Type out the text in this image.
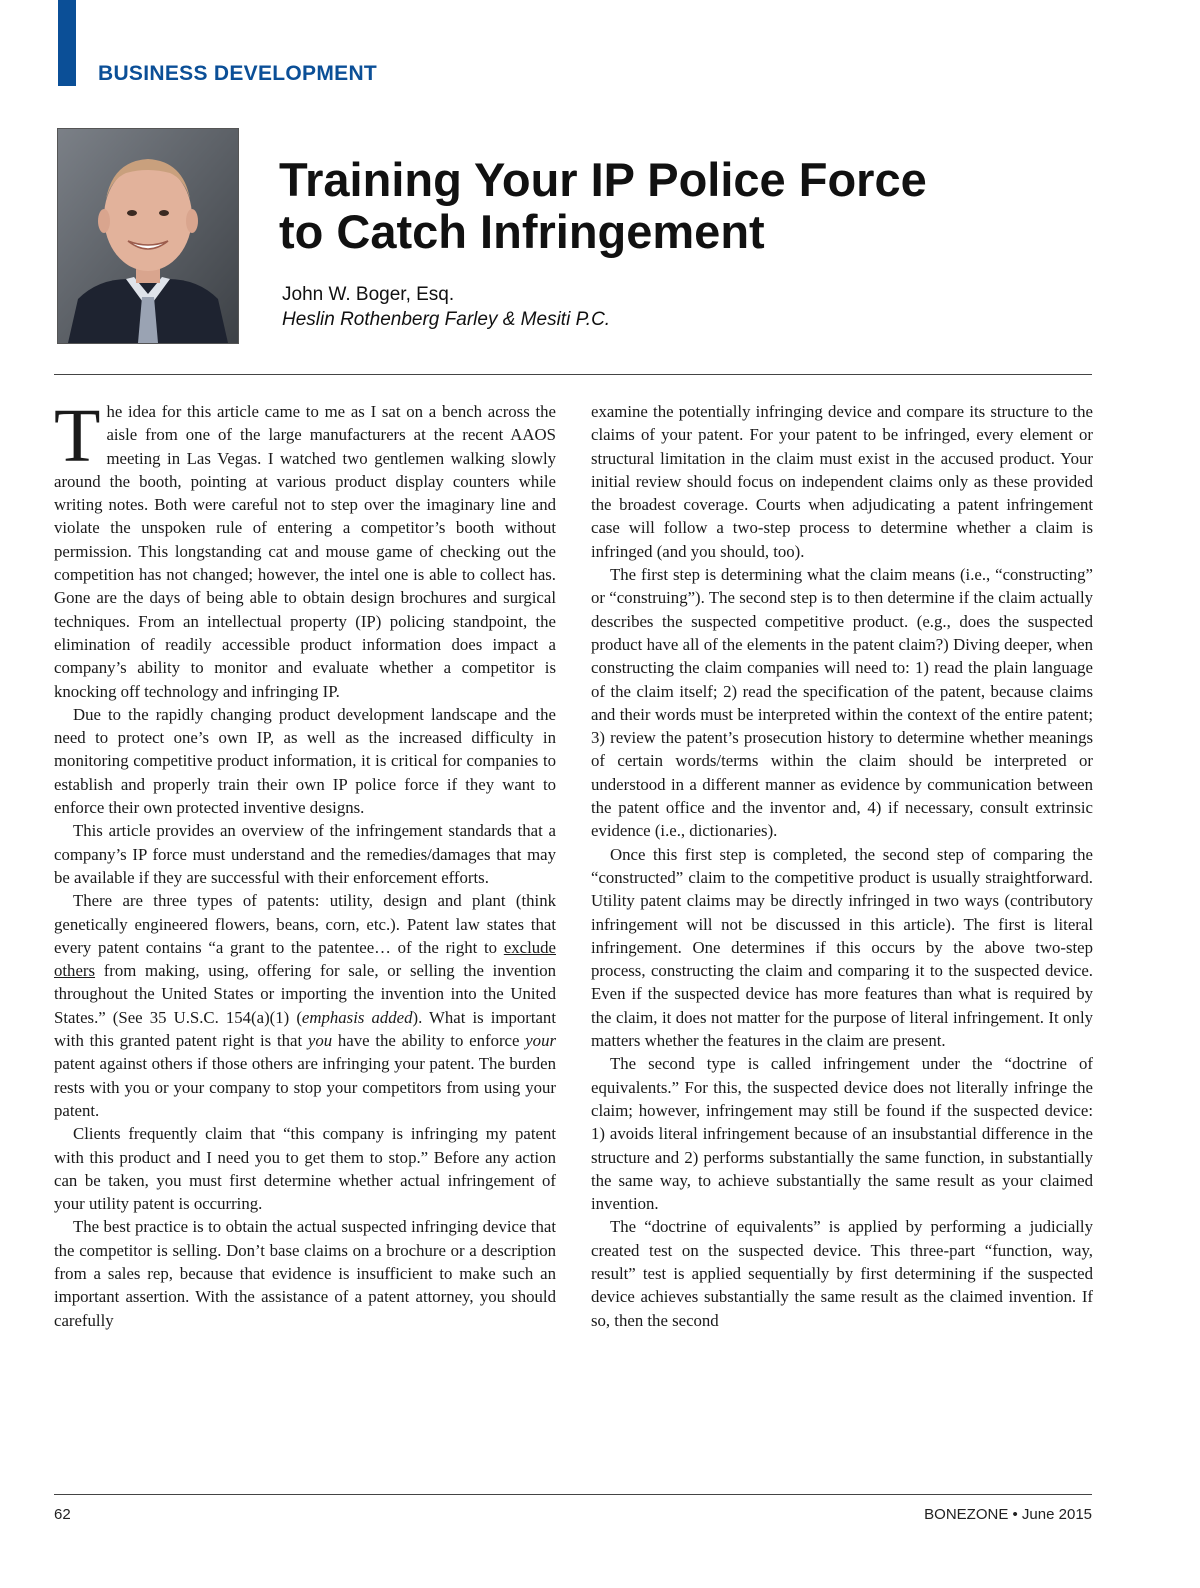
BUSINESS DEVELOPMENT
Training Your IP Police Force
to Catch Infringement
John W. Boger, Esq.
Heslin Rothenberg Farley & Mesiti P.C.

The idea for this article came to me as I sat on a bench across the aisle from one of the large manufacturers at the recent AAOS meeting in Las Vegas. I watched two gentlemen walking slowly around the booth, pointing at various product display counters while writing notes. Both were careful not to step over the imaginary line and violate the unspoken rule of entering a competitor’s booth without permission. This longstanding cat and mouse game of checking out the competition has not changed; however, the intel one is able to collect has. Gone are the days of being able to obtain design brochures and surgical techniques. From an intellectual property (IP) policing standpoint, the elimination of readily accessible product information does impact a company’s ability to monitor and evaluate whether a competitor is knocking off technology and infringing IP.

Due to the rapidly changing product development landscape and the need to protect one’s own IP, as well as the increased difficulty in monitoring competitive product information, it is critical for companies to establish and properly train their own IP police force if they want to enforce their own protected inventive designs.

This article provides an overview of the infringement standards that a company’s IP force must understand and the remedies/damages that may be available if they are successful with their enforcement efforts.

There are three types of patents: utility, design and plant (think genetically engineered flowers, beans, corn, etc.). Patent law states that every patent contains “a grant to the patentee… of the right to exclude others from making, using, offering for sale, or selling the invention throughout the United States or importing the invention into the United States.” (See 35 U.S.C. 154(a)(1) (emphasis added). What is important with this granted patent right is that you have the ability to enforce your patent against others if those others are infringing your patent. The burden rests with you or your company to stop your competitors from using your patent.

Clients frequently claim that “this company is infringing my patent with this product and I need you to get them to stop.” Before any action can be taken, you must first determine whether actual infringement of your utility patent is occurring.

The best practice is to obtain the actual suspected infringing device that the competitor is selling. Don’t base claims on a brochure or a description from a sales rep, because that evidence is insufficient to make such an important assertion. With the assistance of a patent attorney, you should carefully

examine the potentially infringing device and compare its structure to the claims of your patent. For your patent to be infringed, every element or structural limitation in the claim must exist in the accused product. Your initial review should focus on independent claims only as these provided the broadest coverage. Courts when adjudicating a patent infringement case will follow a two-step process to determine whether a claim is infringed (and you should, too).

The first step is determining what the claim means (i.e., “constructing” or “construing”). The second step is to then determine if the claim actually describes the suspected competitive product. (e.g., does the suspected product have all of the elements in the patent claim?) Diving deeper, when constructing the claim companies will need to: 1) read the plain language of the claim itself; 2) read the specification of the patent, because claims and their words must be interpreted within the context of the entire patent; 3) review the patent’s prosecution history to determine whether meanings of certain words/terms within the claim should be interpreted or understood in a different manner as evidence by communication between the patent office and the inventor and, 4) if necessary, consult extrinsic evidence (i.e., dictionaries).

Once this first step is completed, the second step of comparing the “constructed” claim to the competitive product is usually straightforward. Utility patent claims may be directly infringed in two ways (contributory infringement will not be discussed in this article). The first is literal infringement. One determines if this occurs by the above two-step process, constructing the claim and comparing it to the suspected device. Even if the suspected device has more features than what is required by the claim, it does not matter for the purpose of literal infringement. It only matters whether the features in the claim are present.

The second type is called infringement under the “doctrine of equivalents.” For this, the suspected device does not literally infringe the claim; however, infringement may still be found if the suspected device: 1) avoids literal infringement because of an insubstantial difference in the structure and 2) performs substantially the same function, in substantially the same way, to achieve substantially the same result as your claimed invention.

The “doctrine of equivalents” is applied by performing a judicially created test on the suspected device. This three-part “function, way, result” test is applied sequentially by first determining if the suspected device achieves substantially the same result as the claimed invention. If so, then the second

62	BONEZONE • June 2015
